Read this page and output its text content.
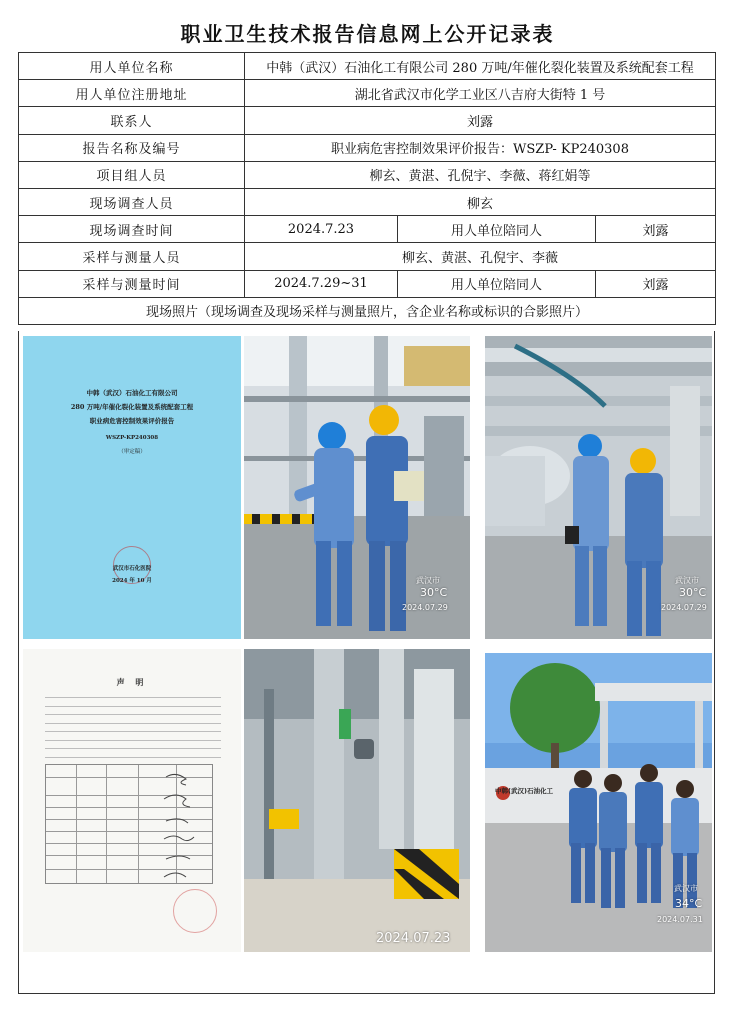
职业卫生技术报告信息网上公开记录表
用人单位名称	中韩（武汉）石油化工有限公司 280 万吨/年催化裂化装置及系统配套工程		
用人单位注册地址	湖北省武汉市化学工业区八吉府大街特 1 号		
联系人	刘露		
报告名称及编号	职业病危害控制效果评价报告：WSZP- KP240308		
项目组人员	柳玄、黄湛、孔倪宇、李薇、蒋红娟等		
现场调查人员	柳玄		
现场调查时间	2024.7.23	用人单位陪同人	刘露
采样与测量人员	柳玄、黄湛、孔倪宇、李薇		
采样与测量时间	2024.7.29~31	用人单位陪同人	刘露
现场照片（现场调查及现场采样与测量照片，含企业名称或标识的合影照片）			
中韩（武汉）石油化工有限公司
280 万吨/年催化裂化装置及系统配套工程
职业病危害控制效果评价报告
WSZP-KP240308
（审定稿）
武汉市石化医院
2024 年 10 月	武汉市
30°C
2024.07.29
武汉市
30°C
2024.07.29
声 明
2024.07.23
中韩(武汉)石油化工
武汉市
34°C
2024.07.31
